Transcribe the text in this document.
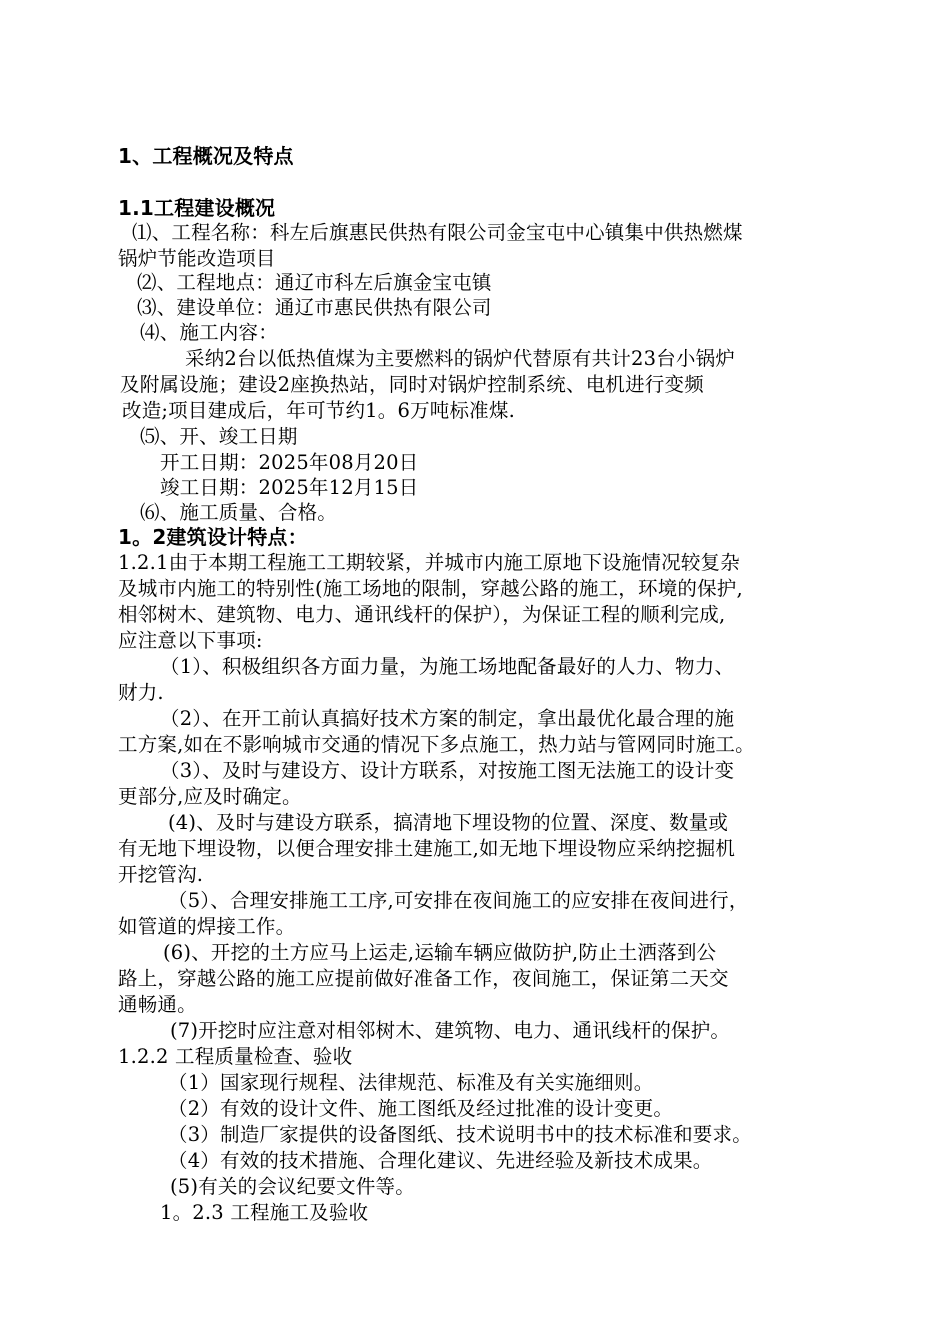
1、工程概况及特点
1.1工程建设概况
⑴、工程名称：科左后旗惠民供热有限公司金宝屯中心镇集中供热燃煤
锅炉节能改造项目
⑵、工程地点：通辽市科左后旗金宝屯镇
⑶、建设单位：通辽市惠民供热有限公司
⑷、施工内容：
采纳2台以低热值煤为主要燃料的锅炉代替原有共计23台小锅炉
及附属设施；建设2座换热站，同时对锅炉控制系统、电机进行变频
改造;项目建成后，年可节约1。6万吨标准煤.
⑸、开、竣工日期
开工日期：2025年08月20日
竣工日期：2025年12月15日
⑹、施工质量、合格。
1。2建筑设计特点：
1.2.1由于本期工程施工工期较紧，并城市内施工原地下设施情况较复杂
及城市内施工的特别性(施工场地的限制，穿越公路的施工，环境的保护,
相邻树木、建筑物、电力、通讯线杆的保护），为保证工程的顺利完成,
应注意以下事项:
（1）、积极组织各方面力量，为施工场地配备最好的人力、物力、
财力.
（2）、在开工前认真搞好技术方案的制定，拿出最优化最合理的施
工方案,如在不影响城市交通的情况下多点施工，热力站与管网同时施工。
（3）、及时与建设方、设计方联系，对按施工图无法施工的设计变
更部分,应及时确定。
(4)、及时与建设方联系，搞清地下埋设物的位置、深度、数量或
有无地下埋设物，以便合理安排土建施工,如无地下埋设物应采纳挖掘机
开挖管沟.
（5）、合理安排施工工序,可安排在夜间施工的应安排在夜间进行，
如管道的焊接工作。
(6)、开挖的土方应马上运走,运输车辆应做防护,防止土洒落到公
路上，穿越公路的施工应提前做好准备工作，夜间施工，保证第二天交
通畅通。
(7)开挖时应注意对相邻树木、建筑物、电力、通讯线杆的保护。
1.2.2 工程质量检查、验收
（1）国家现行规程、法律规范、标准及有关实施细则。
（2）有效的设计文件、施工图纸及经过批准的设计变更。
（3）制造厂家提供的设备图纸、技术说明书中的技术标准和要求。
（4）有效的技术措施、合理化建议、先进经验及新技术成果。
(5)有关的会议纪要文件等。
1。2.3 工程施工及验收
